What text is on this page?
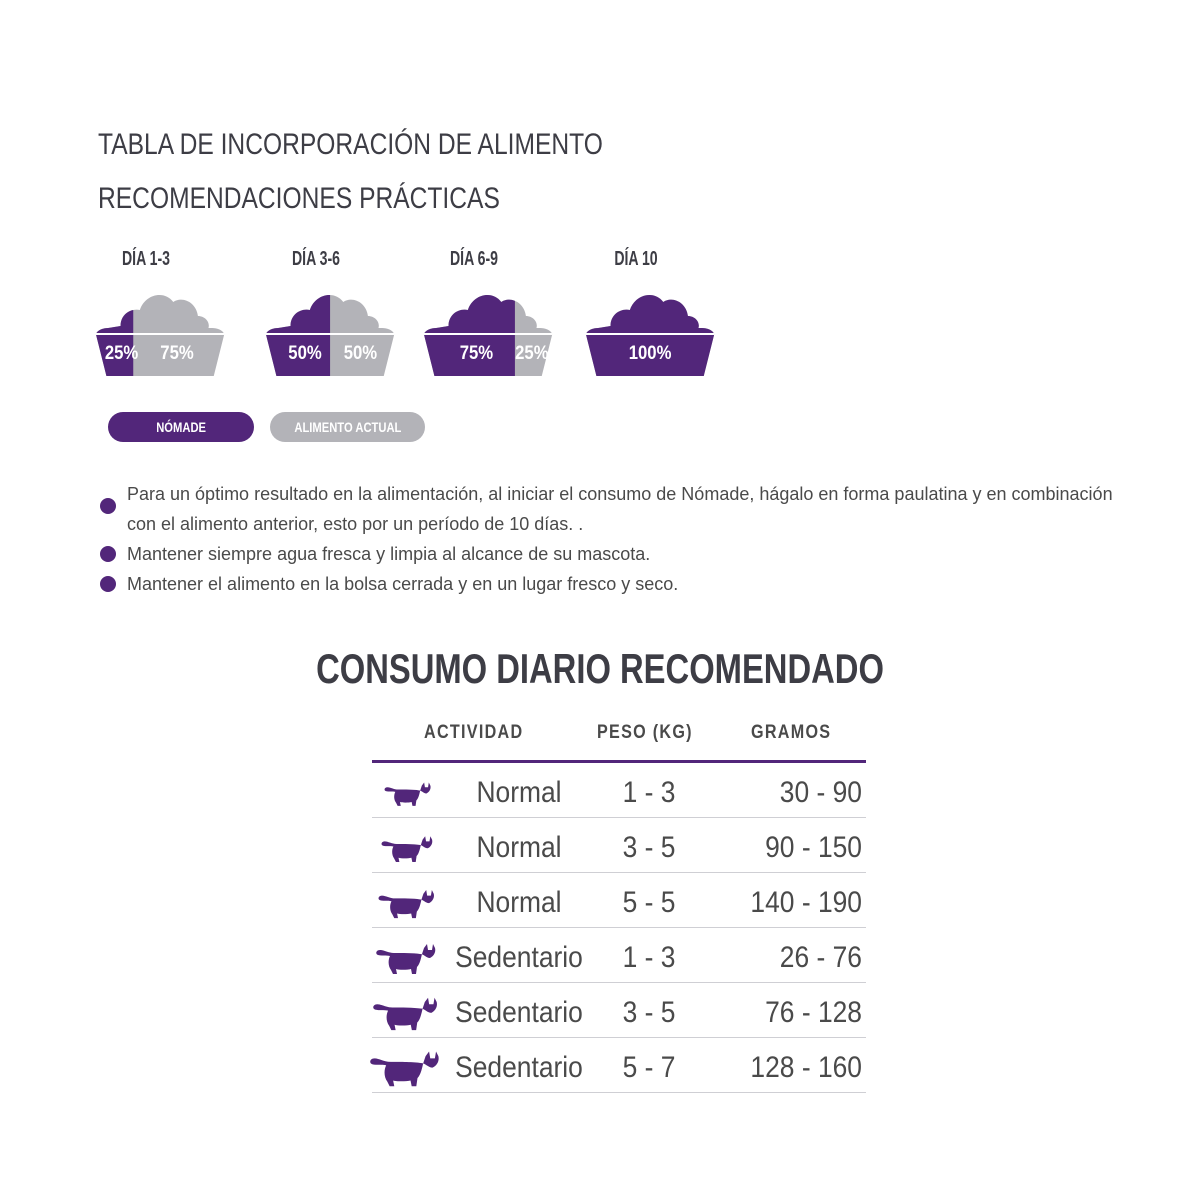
TABLA DE INCORPORACIÓN DE ALIMENTO
RECOMENDACIONES PRÁCTICAS
DÍA 1-3
25% 75%
DÍA 3-6
50% 50%
DÍA 6-9
75% 25%
DÍA 10
100%
NÓMADE	ALIMENTO ACTUAL
Para un óptimo resultado en la alimentación, al iniciar el consumo de Nómade, hágalo en forma paulatina y en combinación con el alimento anterior, esto por un período de 10 días. .
Mantener siempre agua fresca y limpia al alcance de su mascota.
Mantener el alimento en la bolsa cerrada y en un lugar fresco y seco.
CONSUMO DIARIO RECOMENDADO
ACTIVIDAD	PESO (KG)	GRAMOS
Normal	1 - 3	30 - 90
Normal	3 - 5	90 - 150
Normal	5 - 5	140 - 190
Sedentario	1 - 3	26 - 76
Sedentario	3 - 5	76 - 128
Sedentario	5 - 7	128 - 160
